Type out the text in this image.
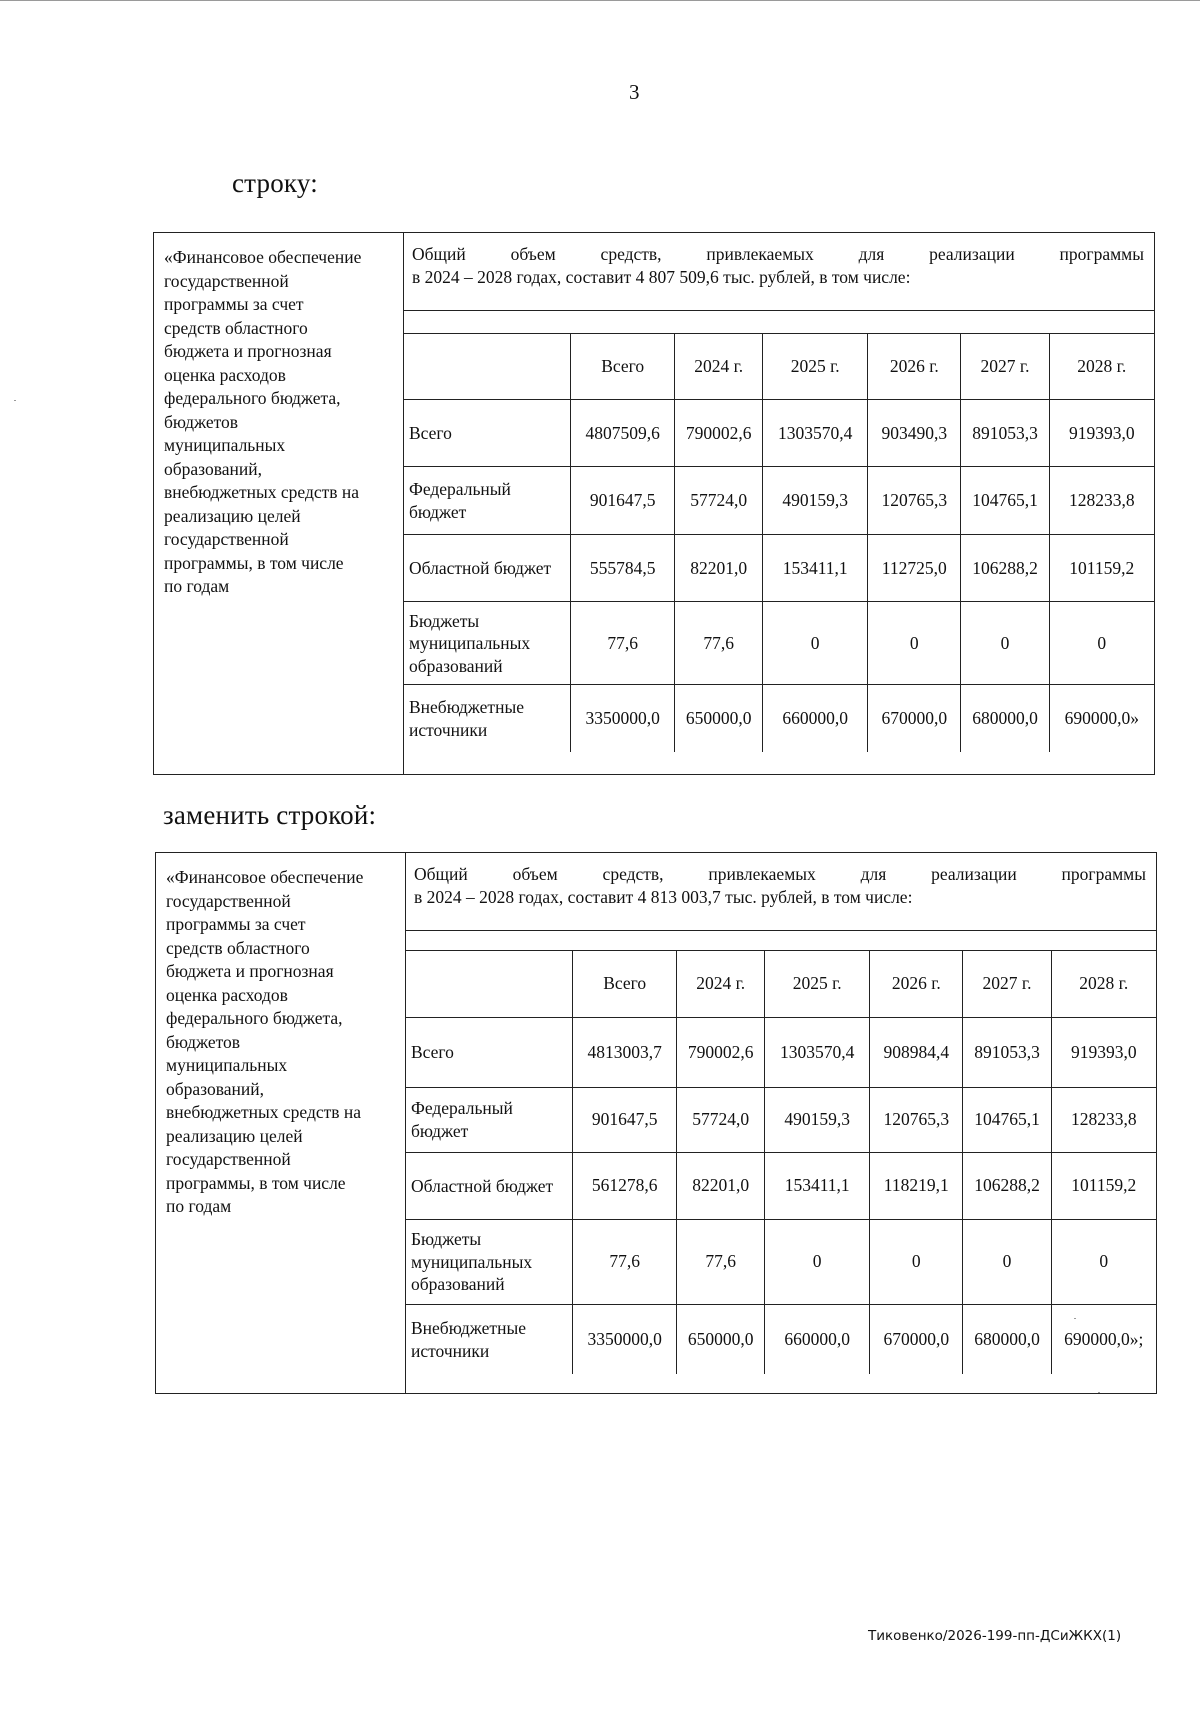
3
строку:
заменить строкой:
«Финансовое обеспечение
государственной
программы за счет
средств областного
бюджета и прогнозная
оценка расходов
федерального бюджета,
бюджетов
муниципальных
образований,
внебюджетных средств на
реализацию целей
государственной
программы, в том числе
по годам

Общий объем средств, привлекаемых для реализации программы
в 2024 – 2028 годах, составит 4 807 509,6 тыс. рублей, в том числе:

	Всего	2024 г.	2025 г.	2026 г.	2027 г.	2028 г.
Всего	4807509,6	790002,6	1303570,4	903490,3	891053,3	919393,0
Федеральный бюджет	901647,5	57724,0	490159,3	120765,3	104765,1	128233,8
Областной бюджет	555784,5	82201,0	153411,1	112725,0	106288,2	101159,2
Бюджеты муниципальных образований	77,6	77,6	0	0	0	0
Внебюджетные источники	3350000,0	650000,0	660000,0	670000,0	680000,0	690000,0»
«Финансовое обеспечение
государственной
программы за счет
средств областного
бюджета и прогнозная
оценка расходов
федерального бюджета,
бюджетов
муниципальных
образований,
внебюджетных средств на
реализацию целей
государственной
программы, в том числе
по годам

Общий объем средств, привлекаемых для реализации программы
в 2024 – 2028 годах, составит 4 813 003,7 тыс. рублей, в том числе:

	Всего	2024 г.	2025 г.	2026 г.	2027 г.	2028 г.
Всего	4813003,7	790002,6	1303570,4	908984,4	891053,3	919393,0
Федеральный бюджет	901647,5	57724,0	490159,3	120765,3	104765,1	128233,8
Областной бюджет	561278,6	82201,0	153411,1	118219,1	106288,2	101159,2
Бюджеты муниципальных образований	77,6	77,6	0	0	0	0
Внебюджетные источники	3350000,0	650000,0	660000,0	670000,0	680000,0	690000,0»;
Тиковенко/2026-199-пп-ДСиЖКХ(1)
